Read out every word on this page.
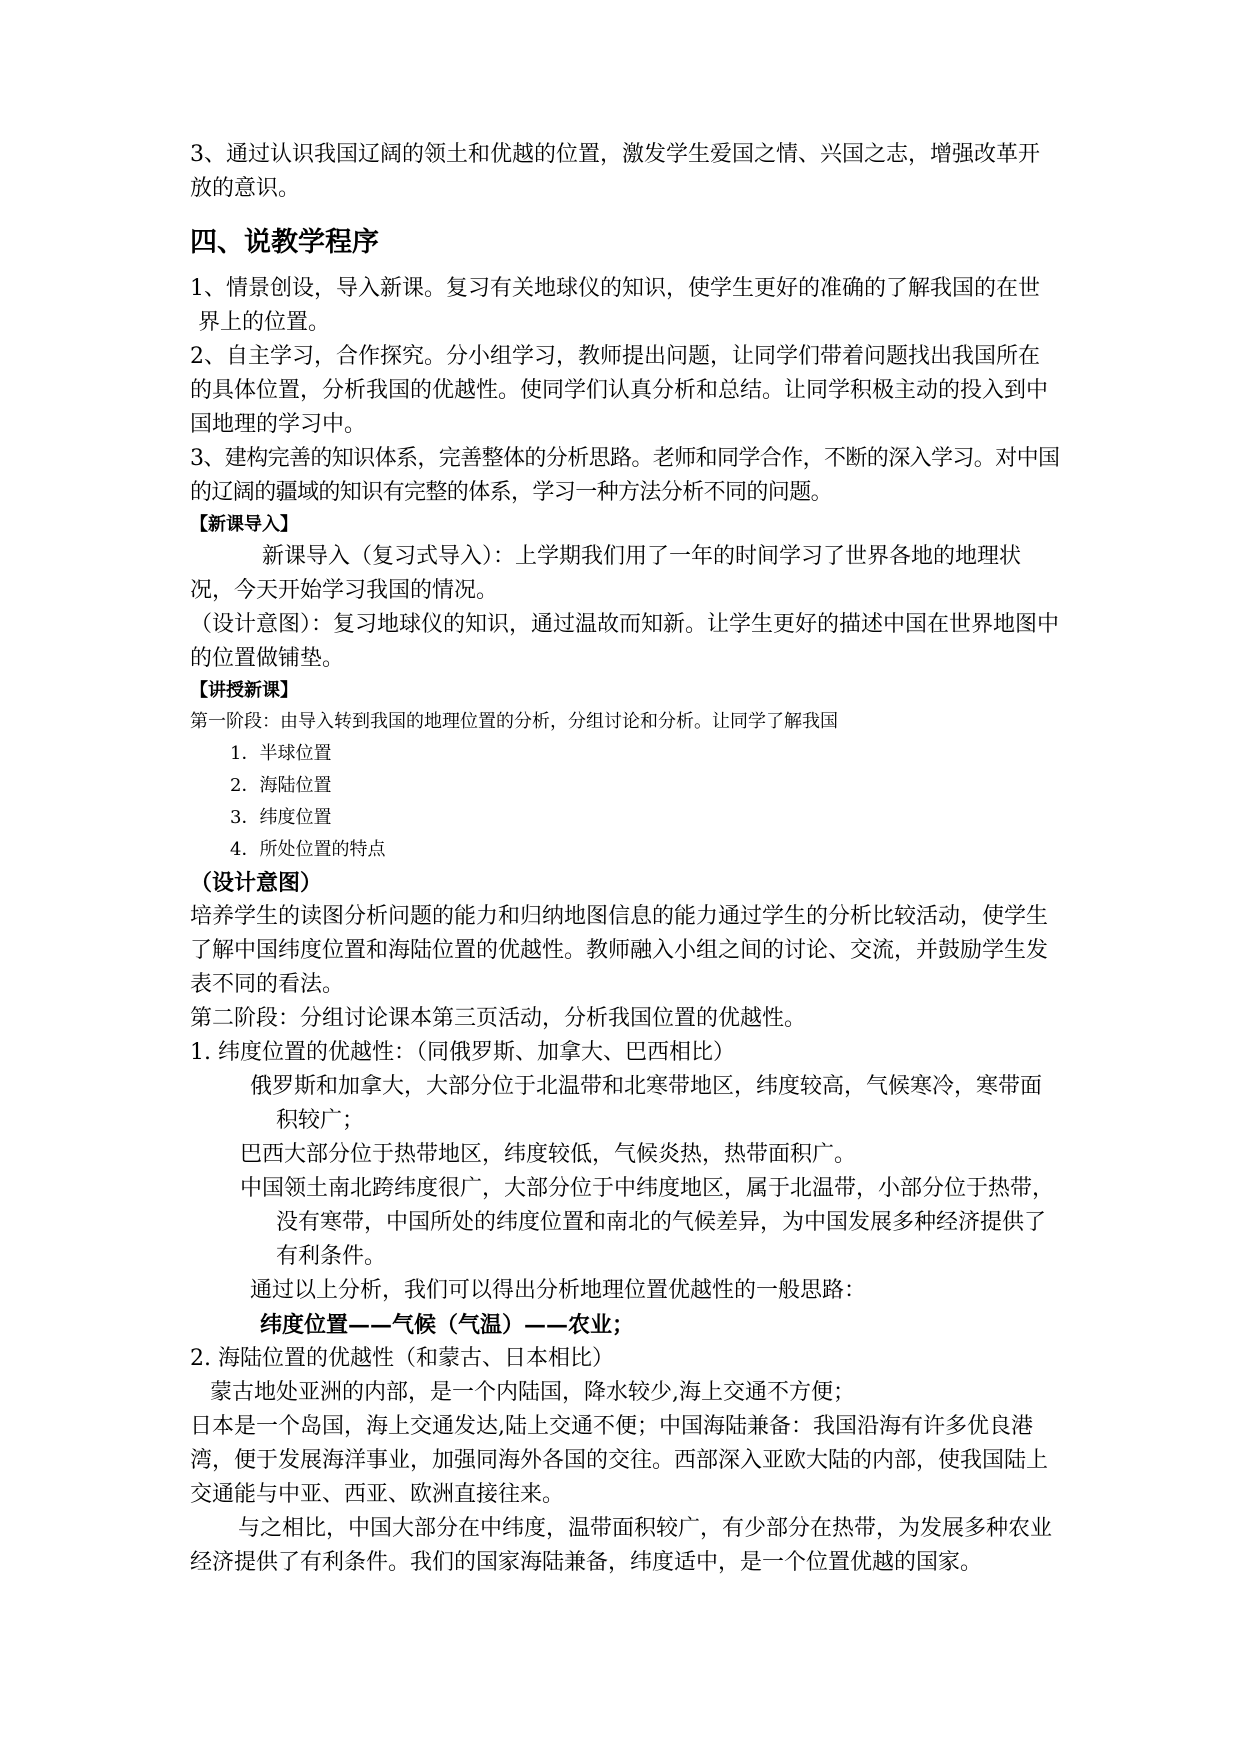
3、通过认识我国辽阔的领土和优越的位置，激发学生爱国之情、兴国之志，增强改革开放的意识。

四、说教学程序

1、情景创设，导入新课。复习有关地球仪的知识，使学生更好的准确的了解我国的在世界上的位置。

2、自主学习，合作探究。分小组学习，教师提出问题，让同学们带着问题找出我国所在的具体位置，分析我国的优越性。使同学们认真分析和总结。让同学积极主动的投入到中国地理的学习中。

3、建构完善的知识体系，完善整体的分析思路。老师和同学合作，不断的深入学习。对中国的辽阔的疆域的知识有完整的体系，学习一种方法分析不同的问题。

【新课导入】

新课导入（复习式导入）：上学期我们用了一年的时间学习了世界各地的地理状况，今天开始学习我国的情况。

（设计意图）：复习地球仪的知识，通过温故而知新。让学生更好的描述中国在世界地图中的位置做铺垫。

【讲授新课】

第一阶段：由导入转到我国的地理位置的分析，分组讨论和分析。让同学了解我国

1．半球位置

2．海陆位置

3．纬度位置

4．所处位置的特点

（设计意图）

培养学生的读图分析问题的能力和归纳地图信息的能力通过学生的分析比较活动，使学生了解中国纬度位置和海陆位置的优越性。教师融入小组之间的讨论、交流，并鼓励学生发表不同的看法。

第二阶段：分组讨论课本第三页活动，分析我国位置的优越性。

1. 纬度位置的优越性：（同俄罗斯、加拿大、巴西相比）

俄罗斯和加拿大，大部分位于北温带和北寒带地区，纬度较高，气候寒冷，寒带面积较广；

巴西大部分位于热带地区，纬度较低，气候炎热，热带面积广。

中国领土南北跨纬度很广，大部分位于中纬度地区，属于北温带，小部分位于热带，没有寒带，中国所处的纬度位置和南北的气候差异，为中国发展多种经济提供了有利条件。

通过以上分析，我们可以得出分析地理位置优越性的一般思路：

纬度位置——气候（气温）——农业；

2. 海陆位置的优越性（和蒙古、日本相比）

蒙古地处亚洲的内部，是一个内陆国，降水较少,海上交通不方便；

日本是一个岛国，海上交通发达,陆上交通不便；中国海陆兼备：我国沿海有许多优良港湾，便于发展海洋事业，加强同海外各国的交往。西部深入亚欧大陆的内部，使我国陆上交通能与中亚、西亚、欧洲直接往来。

与之相比，中国大部分在中纬度，温带面积较广，有少部分在热带，为发展多种农业经济提供了有利条件。我们的国家海陆兼备，纬度适中，是一个位置优越的国家。
